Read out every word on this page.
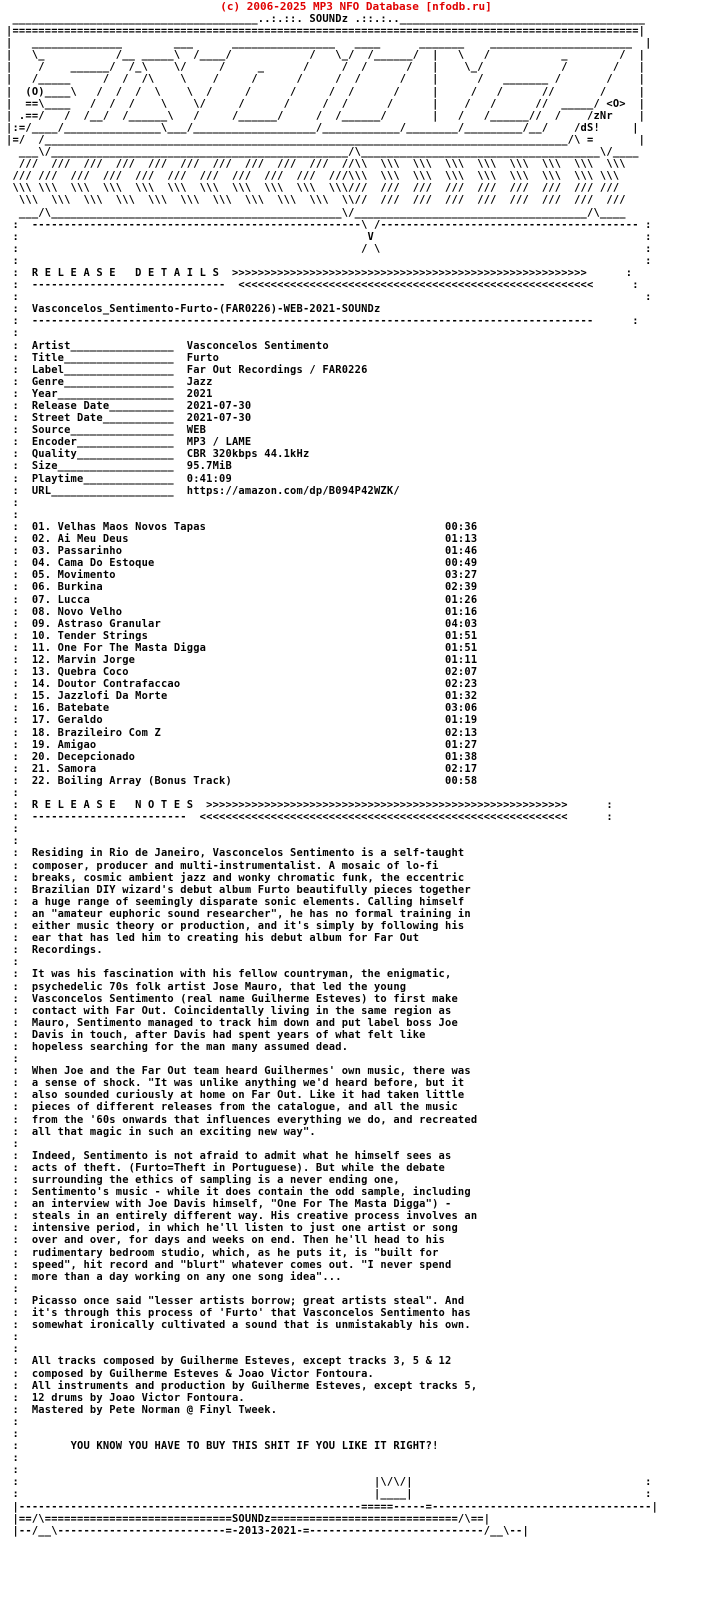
(c) 2006-2025 MP3 NFO Database [nfodb.ru]
______________________________________..:.::. SOUNDz .::.:..______________________________________
|=================================================================================================|
|   ______________        ___      ________________   ____      _______    ______________________  |
|   \_           /__ _____\  /____/            /   \_/  /______/  |   \   /           _        /  |
|    /    ______/  /_\    \/     /     _      /     /  /      /   |    \_/            /       /   |
|   /_____     /  /  /\    \    /     /      /     /  /      /    |      /   _______ /       /    |
|  (O)____\   /  /  /  \    \  /     /      /     /  /      /     |     /   /      //       /     |
|  ==\____   /  /  /    \    \/     /      /     /  /      /      |    /   /      //  _____/ <O>  |
| .==/   /  /__/  /______\   /     /______/     /  /______/       |   /   /______//  /    /zNr    |
|:=/____/_______________\___/___________________/____________/________/_________/__/    /dS!     |
|=/  /_________________________________________________________________________________/\ =       |
___\/______________________________________________/\_____________________________________\/____
///  ///  ///  ///  ///  ///  ///  ///  ///  ///  //\\  \\\  \\\  \\\  \\\  \\\  \\\  \\\  \\\
/// ///  ///  ///  ///  ///  ///  ///  ///  ///  ///\\\  \\\  \\\  \\\  \\\  \\\  \\\  \\\ \\\
\\\ \\\  \\\  \\\  \\\  \\\  \\\  \\\  \\\  \\\  \\\///  ///  ///  ///  ///  ///  ///  /// ///
\\\  \\\  \\\  \\\  \\\  \\\  \\\  \\\  \\\  \\\  \\//  ///  ///  ///  ///  ///  ///  ///  ///
___/\_____________________________________________\/____________________________________/\____
:  ---------------------------------------------------\ /---------------------------------------- :
:                                                      V                                          :
:                                                     / \                                         :
:                                                                                                 :
:  R E L E A S E   D E T A I L S  >>>>>>>>>>>>>>>>>>>>>>>>>>>>>>>>>>>>>>>>>>>>>>>>>>>>>>>      :
:  ------------------------------  <<<<<<<<<<<<<<<<<<<<<<<<<<<<<<<<<<<<<<<<<<<<<<<<<<<<<<<      :
:                                                                                                 :
:  Vasconcelos_Sentimento-Furto-(FAR0226)-WEB-2021-SOUNDz
:  ---------------------------------------------------------------------------------------      :
:
:  Artist________________  Vasconcelos Sentimento
:  Title_________________  Furto
:  Label_________________  Far Out Recordings / FAR0226
:  Genre_________________  Jazz
:  Year__________________  2021
:  Release Date__________  2021-07-30
:  Street Date___________  2021-07-30
:  Source________________  WEB
:  Encoder_______________  MP3 / LAME
:  Quality_______________  CBR 320kbps 44.1kHz
:  Size__________________  95.7MiB
:  Playtime______________  0:41:09
:  URL___________________  https://amazon.com/dp/B094P42WZK/
:
:
:  01. Velhas Maos Novos Tapas	00:36
:  02. Ai Meu Deus	01:13
:  03. Passarinho	01:46
:  04. Cama Do Estoque	00:49
:  05. Movimento	03:27
:  06. Burkina	02:39
:  07. Lucca	01:26
:  08. Novo Velho	01:16
:  09. Astraso Granular	04:03
:  10. Tender Strings	01:51
:  11. One For The Masta Digga	01:51
:  12. Marvin Jorge	01:11
:  13. Quebra Coco	02:07
:  14. Doutor Contrafaccao	02:23
:  15. Jazzlofi Da Morte	01:32
:  16. Batebate	03:06
:  17. Geraldo	01:19
:  18. Brazileiro Com Z	02:13
:  19. Amigao	01:27
:  20. Decepcionado	01:38
:  21. Samora	02:17
:  22. Boiling Array (Bonus Track)	00:58
:
:  R E L E A S E   N O T E S  >>>>>>>>>>>>>>>>>>>>>>>>>>>>>>>>>>>>>>>>>>>>>>>>>>>>>>>>      :
:  ------------------------  <<<<<<<<<<<<<<<<<<<<<<<<<<<<<<<<<<<<<<<<<<<<<<<<<<<<<<<<<      :
:
:
:  Residing in Rio de Janeiro, Vasconcelos Sentimento is a self-taught
:  composer, producer and multi-instrumentalist. A mosaic of lo-fi
:  breaks, cosmic ambient jazz and wonky chromatic funk, the eccentric
:  Brazilian DIY wizard's debut album Furto beautifully pieces together
:  a huge range of seemingly disparate sonic elements. Calling himself
:  an "amateur euphoric sound researcher", he has no formal training in
:  either music theory or production, and it's simply by following his
:  ear that has led him to creating his debut album for Far Out
:  Recordings.
:
:  It was his fascination with his fellow countryman, the enigmatic,
:  psychedelic 70s folk artist Jose Mauro, that led the young
:  Vasconcelos Sentimento (real name Guilherme Esteves) to first make
:  contact with Far Out. Coincidentally living in the same region as
:  Mauro, Sentimento managed to track him down and put label boss Joe
:  Davis in touch, after Davis had spent years of what felt like
:  hopeless searching for the man many assumed dead.
:
:  When Joe and the Far Out team heard Guilhermes' own music, there was
:  a sense of shock. "It was unlike anything we'd heard before, but it
:  also sounded curiously at home on Far Out. Like it had taken little
:  pieces of different releases from the catalogue, and all the music
:  from the '60s onwards that influences everything we do, and recreated
:  all that magic in such an exciting new way".
:
:  Indeed, Sentimento is not afraid to admit what he himself sees as
:  acts of theft. (Furto=Theft in Portuguese). But while the debate
:  surrounding the ethics of sampling is a never ending one,
:  Sentimento's music - while it does contain the odd sample, including
:  an interview with Joe Davis himself, "One For The Masta Digga") -
:  steals in an entirely different way. His creative process involves an
:  intensive period, in which he'll listen to just one artist or song
:  over and over, for days and weeks on end. Then he'll head to his
:  rudimentary bedroom studio, which, as he puts it, is "built for
:  speed", hit record and "blurt" whatever comes out. "I never spend
:  more than a day working on any one song idea"...
:
:  Picasso once said "lesser artists borrow; great artists steal". And
:  it's through this process of 'Furto' that Vasconcelos Sentimento has
:  somewhat ironically cultivated a sound that is unmistakably his own.
:
:
:  All tracks composed by Guilherme Esteves, except tracks 3, 5 & 12
:  composed by Guilherme Esteves & Joao Victor Fontoura.
:  All instruments and production by Guilherme Esteves, except tracks 5,
:  12 drums by Joao Victor Fontoura.
:  Mastered by Pete Norman @ Finyl Tweek.
:
:
:        YOU KNOW YOU HAVE TO BUY THIS SHIT IF YOU LIKE IT RIGHT?!
:
:
:                                                       |\/\/|                                    :
:                                                       |____|                                    :
|-----------------------------------------------------=====-----=----------------------------------|
|==/\=============================SOUNDz=============================/\==|
|--/__\--------------------------=-2013-2021-=---------------------------/__\--|
